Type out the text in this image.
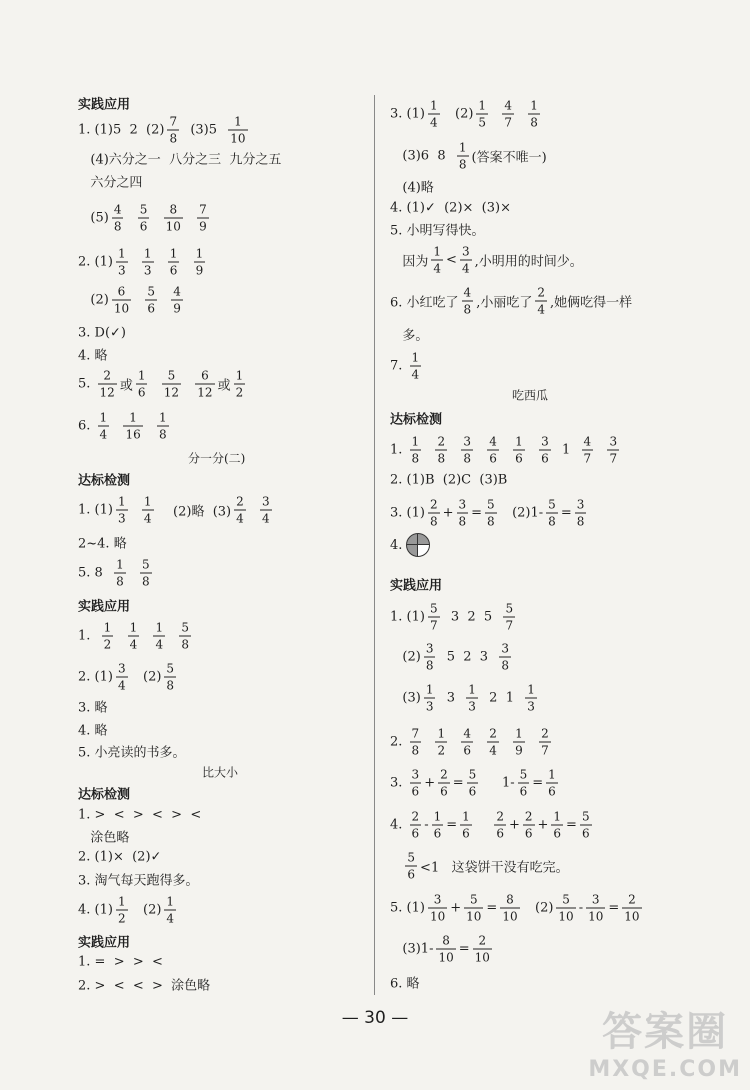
实践应用
1. (1)5  2  $(2) \frac{7}{8} (3)5 \frac{1}{10}$
(4)六分之一  八分之三  九分之五
六分之四
$(5) \frac{4}{8}$
$\frac{5}{6}$
$\frac{8}{10}$
$\frac{7}{9}$
2. $(1) \frac{1}{3}$
$\frac{1}{3}$
$\frac{1}{6}$
$\frac{1}{9}$
$(2) \frac{6}{10}$
$\frac{5}{6}$
$\frac{4}{9}$
3. D(✓)
4. 略
5. $\frac{2}{12}$ 或 $\frac{1}{6}$
$\frac{5}{12}$
$\frac{6}{12}$ 或 $\frac{1}{2}$
6. $\frac{1}{4}$
$\frac{1}{16}$
$\frac{1}{8}$
分一分(二)
达标检测
1. $(1) \frac{1}{3}$
$\frac{1}{4} (2)$略  $(3) \frac{2}{4}$
$\frac{3}{4}$
2~4. 略
5. $8 \frac{1}{8}$
$\frac{5}{8}$
实践应用
1. $\frac{1}{2}$
$\frac{1}{4}$
$\frac{1}{4}$
$\frac{5}{8}$
2. $(1) \frac{3}{4} (2) \frac{5}{8}$
3. 略
4. 略
5. 小亮读的书多。
比大小
达标检测
1. >  <  >  <  >  <
涂色略
2. (1)×  (2)✓
3. 淘气每天跑得多。
4. $(1) \frac{1}{2} (2) \frac{1}{4}$
实践应用
1. =  >  >  <
2. >  <  <  >  涂色略
3. $(1) \frac{1}{4} (2) \frac{1}{5}$
$\frac{4}{7}$
$\frac{1}{8}$
(3)6  $8 \frac{1}{8}$ (答案不唯一)
(4)略
4. (1)✓  (2)×  (3)×
5. 小明写得快。
因为 $\frac{1}{4} < \frac{3}{4}$ ,小明用的时间少。
6. 小红吃了 $\frac{4}{8}$ ,小丽吃了 $\frac{2}{4}$ ,她俩吃得一样
多。
7. $\frac{1}{4}$
吃西瓜
达标检测
1. $\frac{1}{8}$
$\frac{2}{8}$
$\frac{3}{8}$
$\frac{4}{6}$
$\frac{1}{6}$
$\frac{3}{6} 1 \frac{4}{7}$
$\frac{3}{7}$
2. (1)B  (2)C  (3)B
3. $(1) \frac{2}{8} + \frac{3}{8} = \frac{5}{8} (2)1- \frac{5}{8} = \frac{3}{8}$
4.
实践应用
1. $(1) \frac{5}{7} 3$  2  $5 \frac{5}{7}$
$(2) \frac{3}{8} 5$  2  $3 \frac{3}{8}$
$(3) \frac{1}{3} 3 \frac{1}{3} 2$  $1 \frac{1}{3}$
2. $\frac{7}{8}$
$\frac{1}{2}$
$\frac{4}{6}$
$\frac{2}{4}$
$\frac{1}{9}$
$\frac{2}{7}$
3. $\frac{3}{6} + \frac{2}{6} = \frac{5}{6} 1- \frac{5}{6} = \frac{1}{6}$
4. $\frac{2}{6} - \frac{1}{6} = \frac{1}{6}$
$\frac{2}{6} + \frac{2}{6} + \frac{1}{6} = \frac{5}{6}$

$\frac{5}{6} <1$   这袋饼干没有吃完。
5. $(1) \frac{3}{10} + \frac{5}{10} = \frac{8}{10} (2) \frac{5}{10} - \frac{3}{10} = \frac{2}{10}$
$(3)1- \frac{8}{10} = \frac{2}{10}$
6. 略
— 30 —	答案圈
MXQE.COM
